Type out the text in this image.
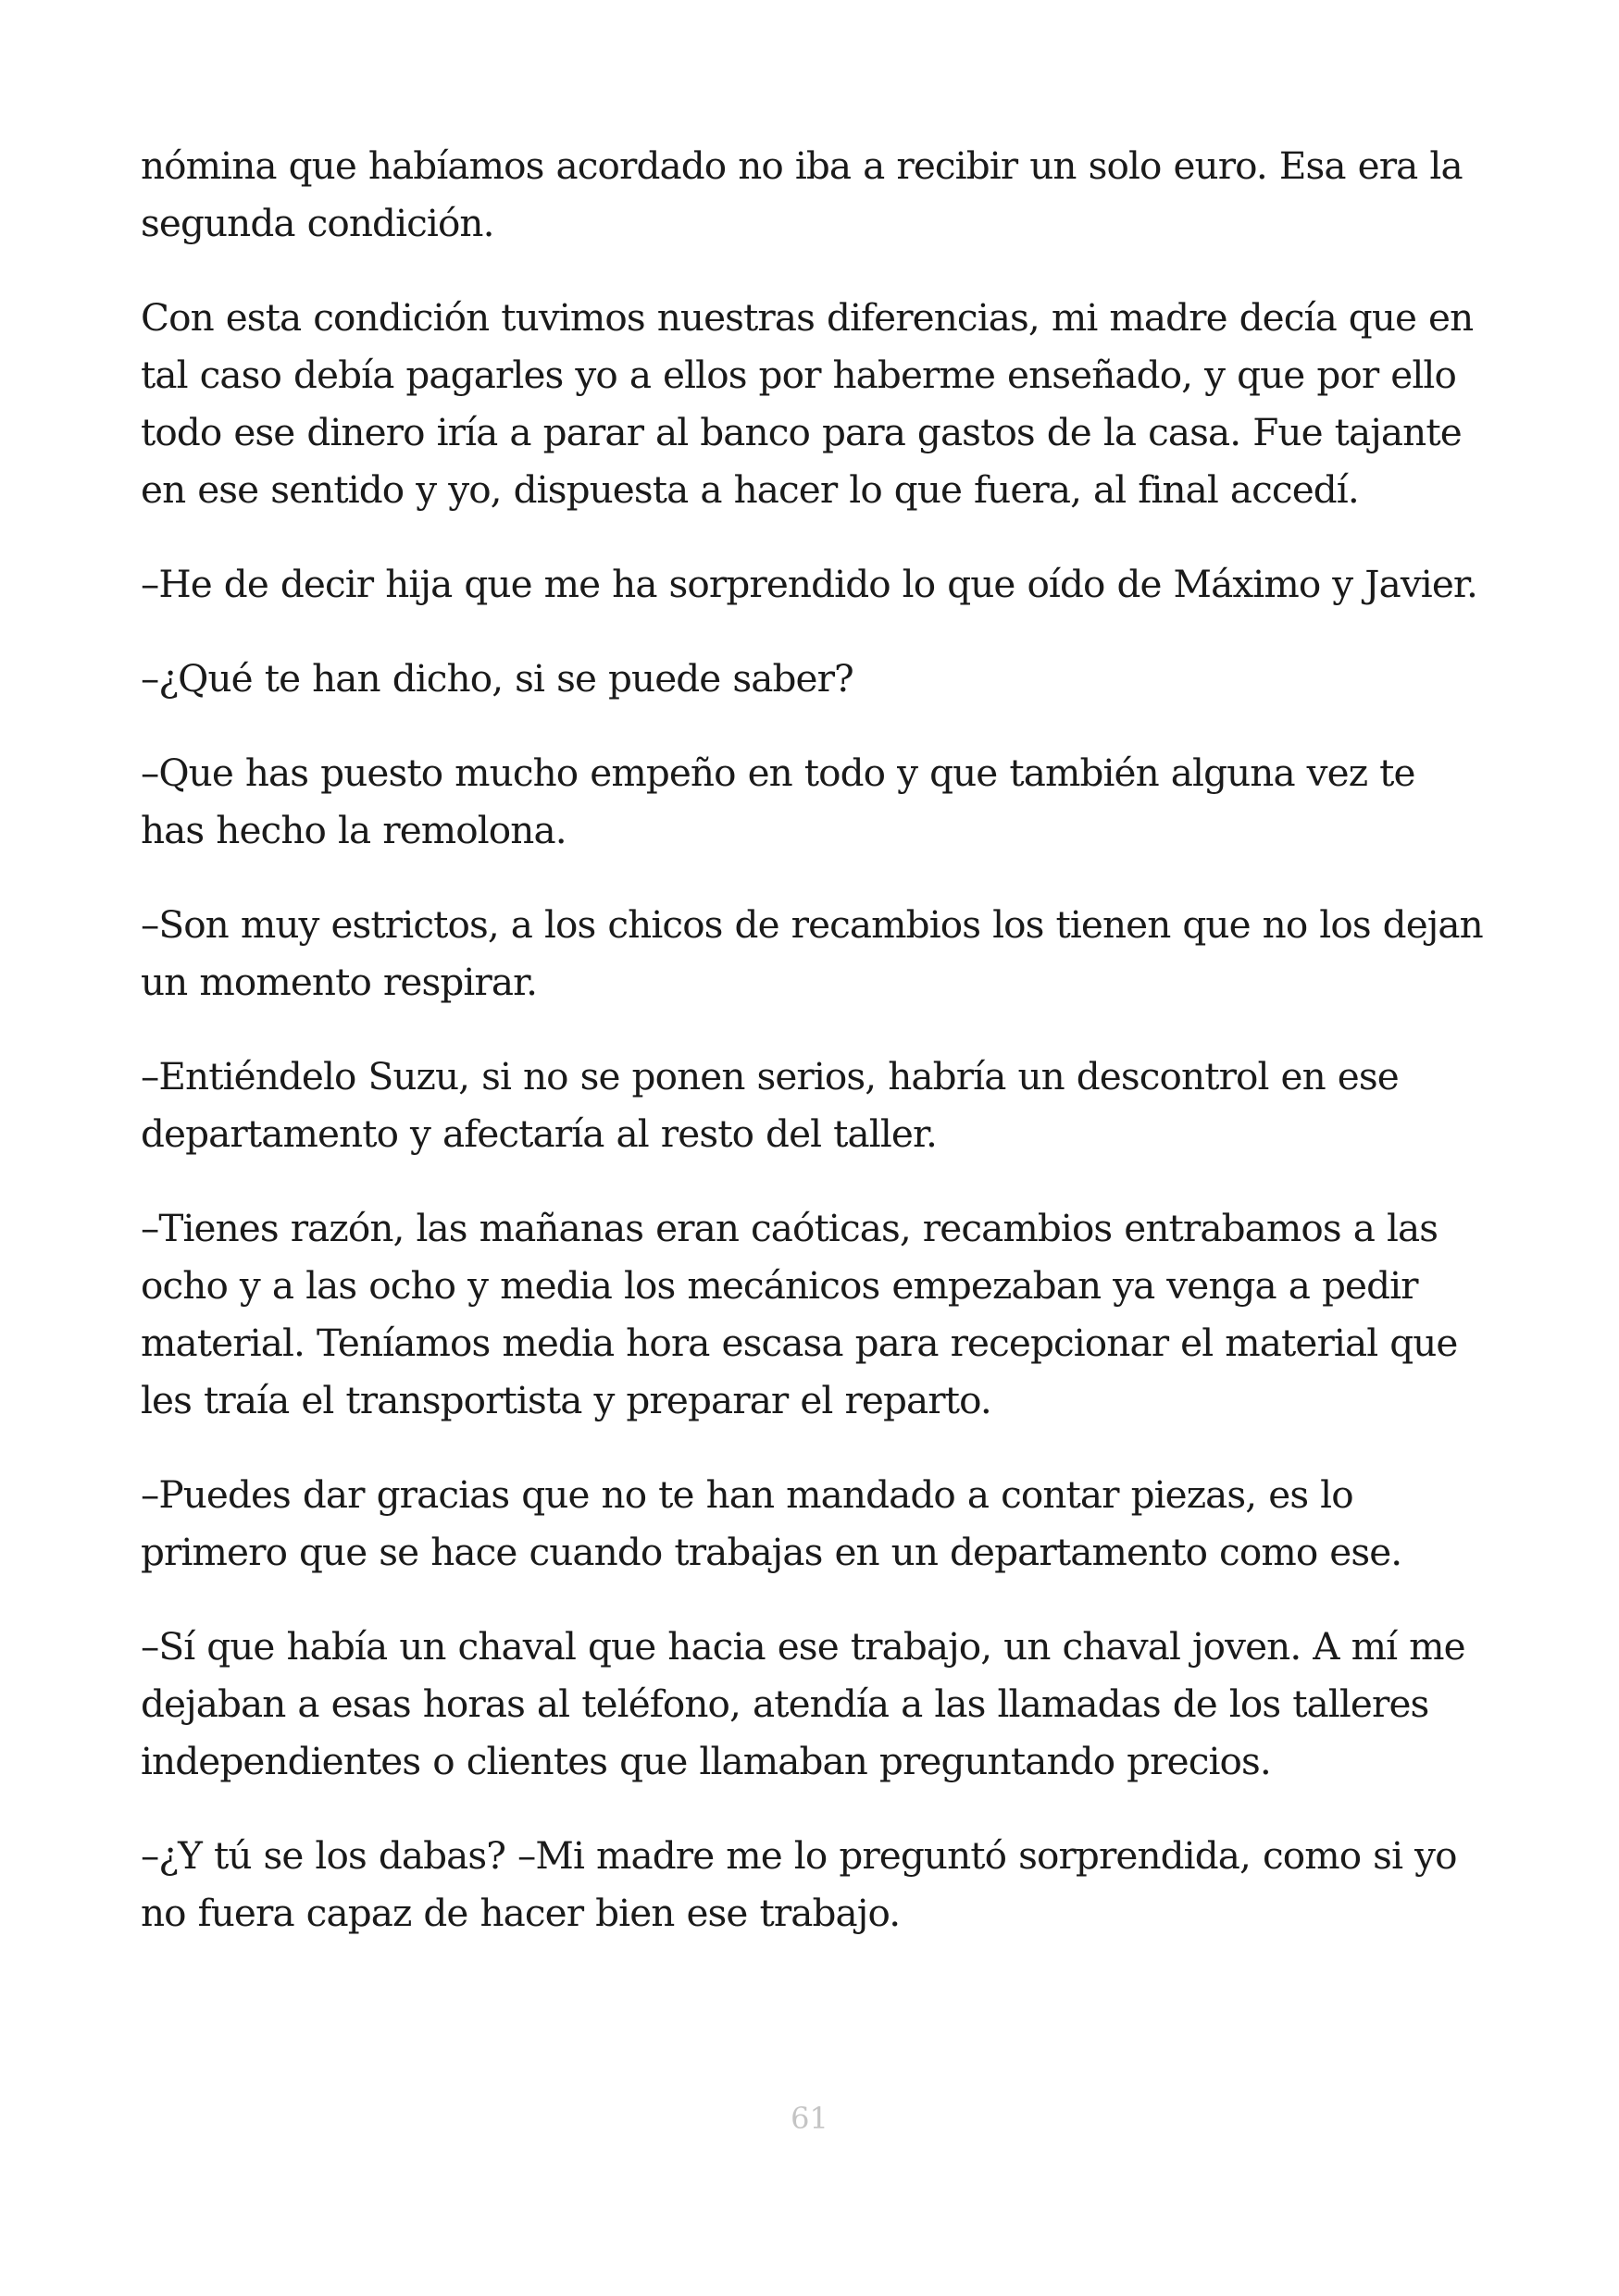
nómina que habíamos acordado no iba a recibir un solo euro. Esa era la segunda condición.

Con esta condición tuvimos nuestras diferencias, mi madre decía que en tal caso debía pagarles yo a ellos por haberme enseñado, y que por ello todo ese dinero iría a parar al banco para gastos de la casa. Fue tajante en ese sentido y yo, dispuesta a hacer lo que fuera, al final accedí.

–He de decir hija que me ha sorprendido lo que oído de Máximo y Javier.

–¿Qué te han dicho, si se puede saber?

–Que has puesto mucho empeño en todo y que también alguna vez te has hecho la remolona.

–Son muy estrictos, a los chicos de recambios los tienen que no los dejan un momento respirar.

–Entiéndelo Suzu, si no se ponen serios, habría un descontrol en ese departamento y afectaría al resto del taller.

–Tienes razón, las mañanas eran caóticas, recambios entrabamos a las ocho y a las ocho y media los mecánicos empezaban ya venga a pedir material. Teníamos media hora escasa para recepcionar el material que les traía el transportista y preparar el reparto.

–Puedes dar gracias que no te han mandado a contar piezas, es lo primero que se hace cuando trabajas en un departamento como ese.

–Sí que había un chaval que hacia ese trabajo, un chaval joven. A mí me dejaban a esas horas al teléfono, atendía a las llamadas de los talleres independientes o clientes que llamaban preguntando precios.

–¿Y tú se los dabas? –Mi madre me lo preguntó sorprendida, como si yo no fuera capaz de hacer bien ese trabajo.

61
